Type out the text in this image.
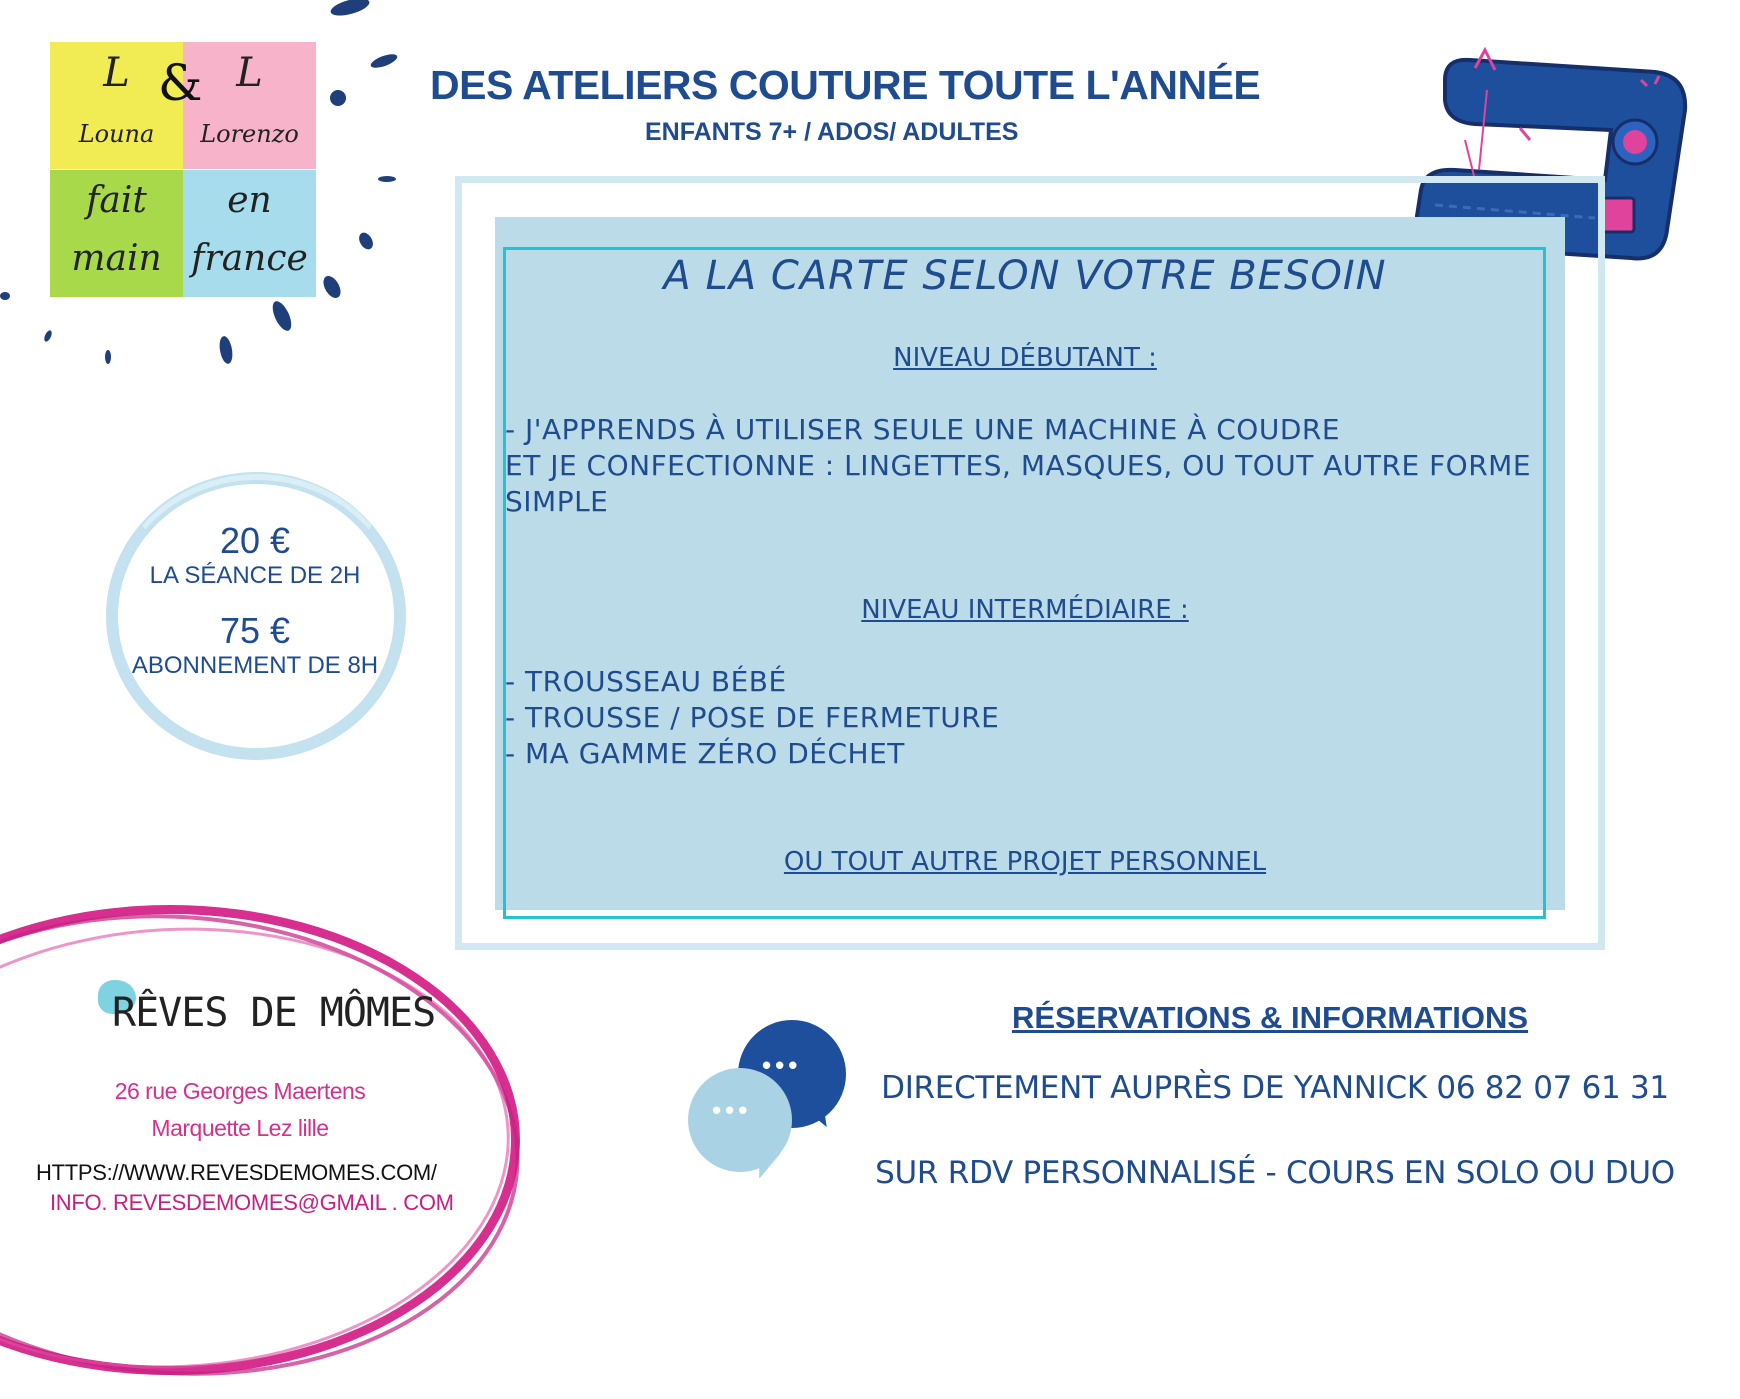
L
Louna
L
Lorenzo
fait
main
en
france
&	DES ATELIERS COUTURE TOUTE L'ANNÉE
ENFANTS 7+ / ADOS/ ADULTES
A LA CARTE SELON VOTRE BESOIN
NIVEAU DÉBUTANT :
- J'APPRENDS À UTILISER SEULE UNE MACHINE À COUDRE
ET JE CONFECTIONNE : LINGETTES, MASQUES, OU TOUT AUTRE FORME
SIMPLE
NIVEAU INTERMÉDIAIRE :
- TROUSSEAU BÉBÉ
- TROUSSE / POSE DE FERMETURE
- MA GAMME ZÉRO DÉCHET
OU TOUT AUTRE PROJET PERSONNEL
20 €
LA SÉANCE DE 2H
75 €
ABONNEMENT DE 8H
RÊVES DE MÔMES
26 rue Georges Maertens
Marquette Lez lille
HTTPS://WWW.REVESDEMOMES.COM/
INFO. REVESDEMOMES@GMAIL . COM
•••
•••
RÉSERVATIONS & INFORMATIONS
DIRECTEMENT AUPRÈS DE YANNICK 06 82 07 61 31
SUR RDV PERSONNALISÉ - COURS EN SOLO OU DUO
